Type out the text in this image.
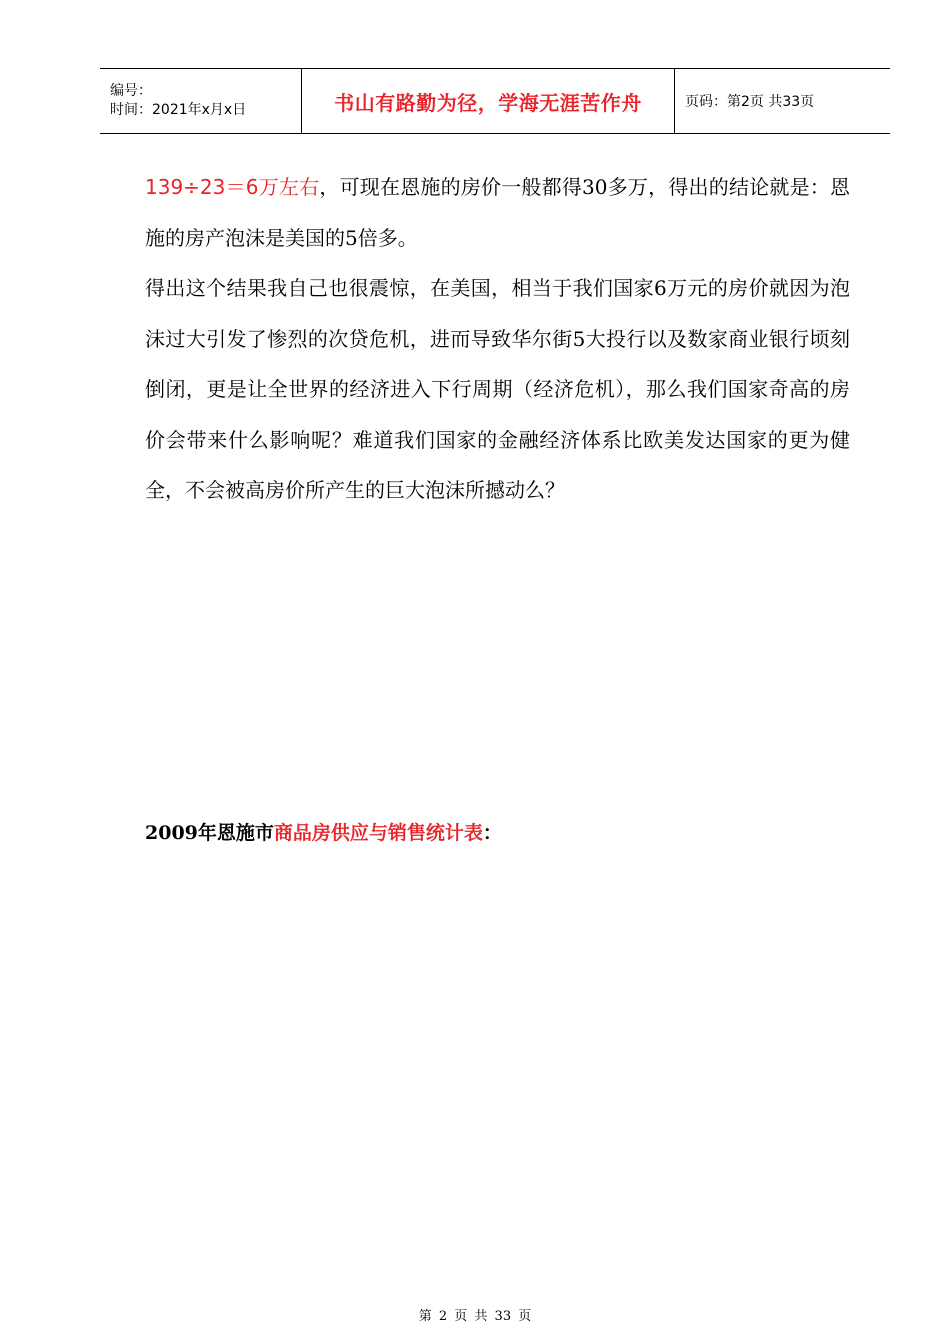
编号：
时间：2021年x月x日	书山有路勤为径，学海无涯苦作舟	页码：第2页 共33页

139÷23＝6万左右，可现在恩施的房价一般都得30多万，得出的结论就是：恩施的房产泡沫是美国的5倍多。

得出这个结果我自己也很震惊，在美国，相当于我们国家6万元的房价就因为泡沫过大引发了惨烈的次贷危机，进而导致华尔街5大投行以及数家商业银行顷刻倒闭，更是让全世界的经济进入下行周期（经济危机），那么我们国家奇高的房价会带来什么影响呢？难道我们国家的金融经济体系比欧美发达国家的更为健全，不会被高房价所产生的巨大泡沫所撼动么？

2009年恩施市商品房供应与销售统计表：
第 2 页 共 33 页
